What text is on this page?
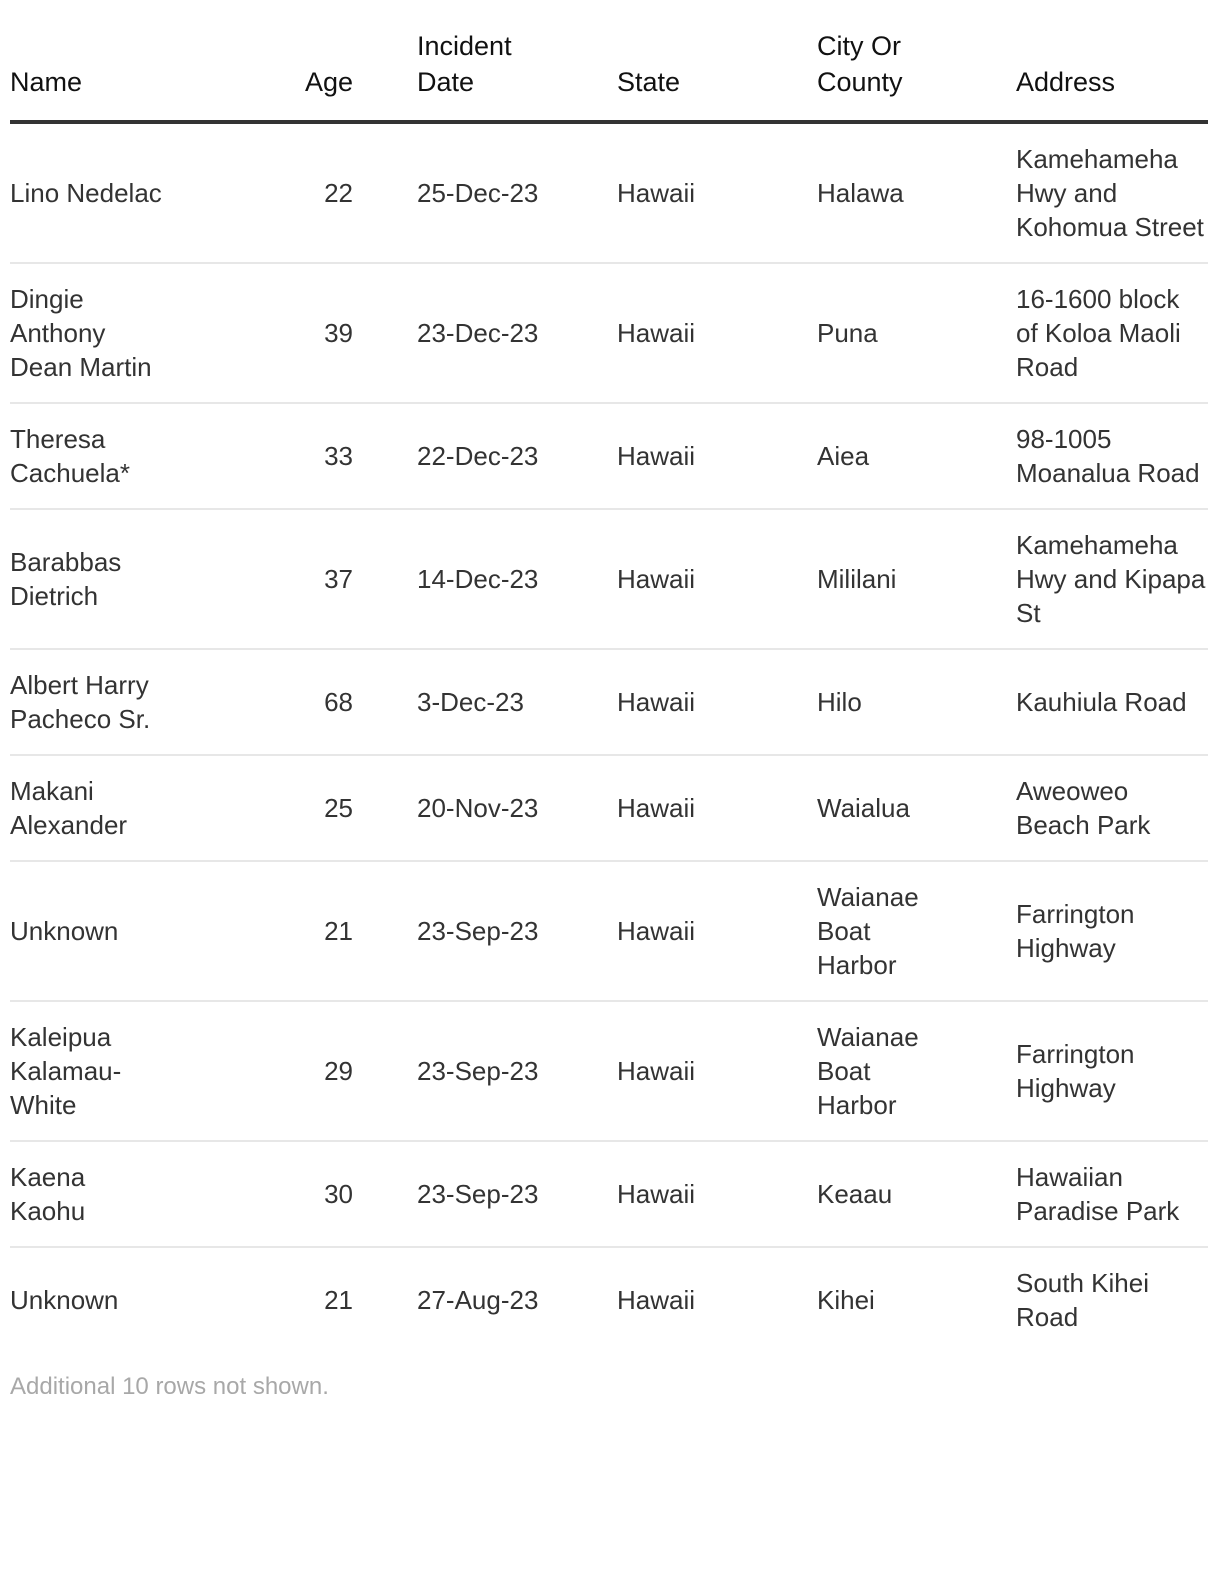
Name	Age	Incident Date	State	City Or County	Address
Lino Nedelac	22	25-Dec-23	Hawaii	Halawa	Kamehameha Hwy and Kohomua Street
Dingie Anthony Dean Martin	39	23-Dec-23	Hawaii	Puna	16-1600 block of Koloa Maoli Road
Theresa Cachuela*	33	22-Dec-23	Hawaii	Aiea	98-1005 Moanalua Road
Barabbas Dietrich	37	14-Dec-23	Hawaii	Mililani	Kamehameha Hwy and Kipapa St
Albert Harry Pacheco Sr.	68	3-Dec-23	Hawaii	Hilo	Kauhiula Road
Makani Alexander	25	20-Nov-23	Hawaii	Waialua	Aweoweo Beach Park
Unknown	21	23-Sep-23	Hawaii	Waianae Boat Harbor	Farrington Highway
Kaleipua Kalamau-White	29	23-Sep-23	Hawaii	Waianae Boat Harbor	Farrington Highway
Kaena Kaohu	30	23-Sep-23	Hawaii	Keaau	Hawaiian Paradise Park
Unknown	21	27-Aug-23	Hawaii	Kihei	South Kihei Road
Additional 10 rows not shown.
